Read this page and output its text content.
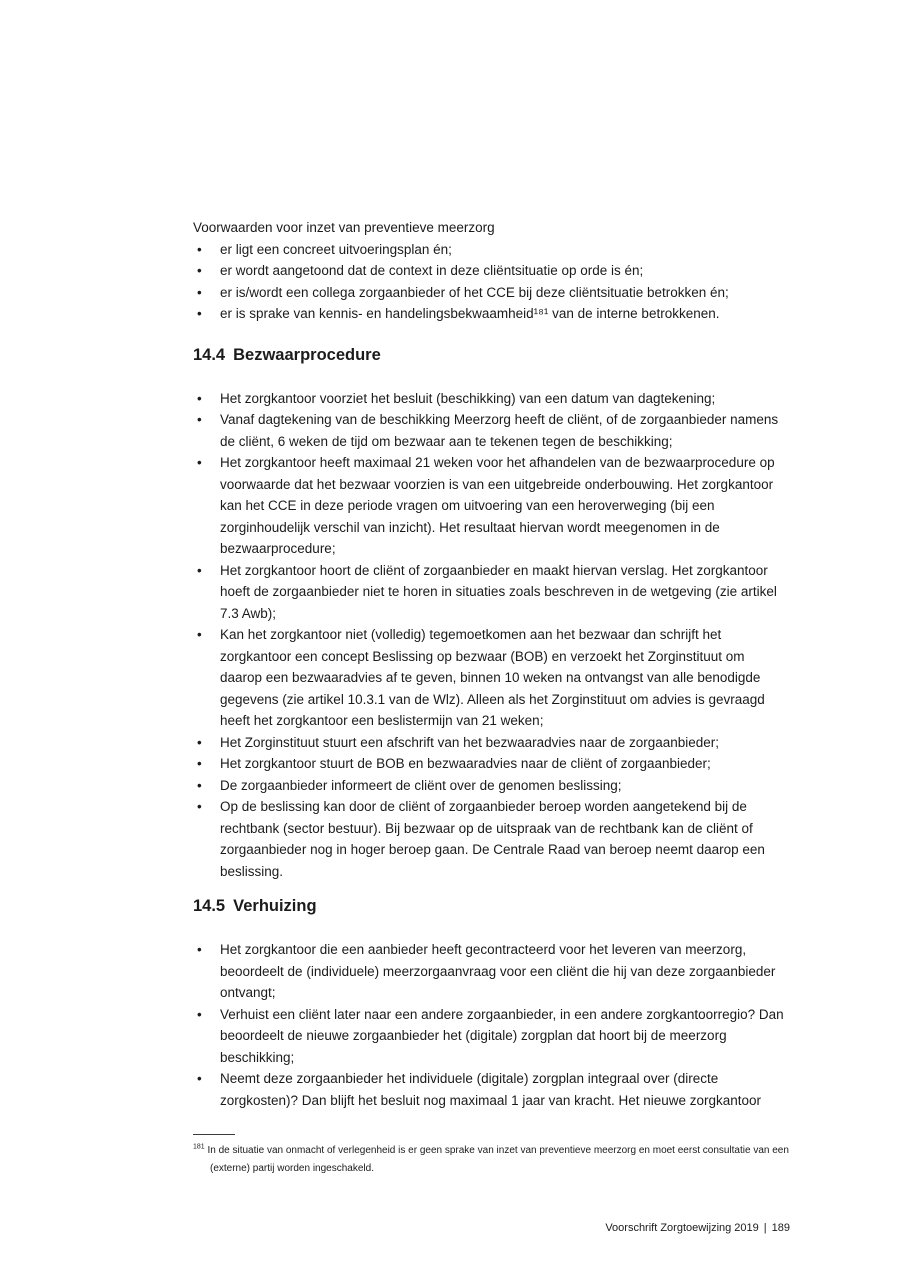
Voorwaarden voor inzet van preventieve meerzorg

• er ligt een concreet uitvoeringsplan én;
• er wordt aangetoond dat de context in deze cliëntsituatie op orde is én;
• er is/wordt een collega zorgaanbieder of het CCE bij deze cliëntsituatie betrokken én;
• er is sprake van kennis- en handelingsbekwaamheid¹⁸¹ van de interne betrokkenen.
14.4 Bezwaarprocedure
• Het zorgkantoor voorziet het besluit (beschikking) van een datum van dagtekening;
• Vanaf dagtekening van de beschikking Meerzorg heeft de cliënt, of de zorgaanbieder namens de cliënt, 6 weken de tijd om bezwaar aan te tekenen tegen de beschikking;
• Het zorgkantoor heeft maximaal 21 weken voor het afhandelen van de bezwaarprocedure op voorwaarde dat het bezwaar voorzien is van een uitgebreide onderbouwing. Het zorgkantoor kan het CCE in deze periode vragen om uitvoering van een heroverweging (bij een zorginhoudelijk verschil van inzicht). Het resultaat hiervan wordt meegenomen in de bezwaarprocedure;
• Het zorgkantoor hoort de cliënt of zorgaanbieder en maakt hiervan verslag. Het zorgkantoor hoeft de zorgaanbieder niet te horen in situaties zoals beschreven in de wetgeving (zie artikel 7.3 Awb);
• Kan het zorgkantoor niet (volledig) tegemoetkomen aan het bezwaar dan schrijft het zorgkantoor een concept Beslissing op bezwaar (BOB) en verzoekt het Zorginstituut om daarop een bezwaaradvies af te geven, binnen 10 weken na ontvangst van alle benodigde gegevens (zie artikel 10.3.1 van de Wlz). Alleen als het Zorginstituut om advies is gevraagd heeft het zorgkantoor een beslistermijn van 21 weken;
• Het Zorginstituut stuurt een afschrift van het bezwaaradvies naar de zorgaanbieder;
• Het zorgkantoor stuurt de BOB en bezwaaradvies naar de cliënt of zorgaanbieder;
• De zorgaanbieder informeert de cliënt over de genomen beslissing;
• Op de beslissing kan door de cliënt of zorgaanbieder beroep worden aangetekend bij de rechtbank (sector bestuur). Bij bezwaar op de uitspraak van de rechtbank kan de cliënt of zorgaanbieder nog in hoger beroep gaan. De Centrale Raad van beroep neemt daarop een beslissing.
14.5 Verhuizing
• Het zorgkantoor die een aanbieder heeft gecontracteerd voor het leveren van meerzorg, beoordeelt de (individuele) meerzorgaanvraag voor een cliënt die hij van deze zorgaanbieder ontvangt;
• Verhuist een cliënt later naar een andere zorgaanbieder, in een andere zorgkantoorregio? Dan beoordeelt de nieuwe zorgaanbieder het (digitale) zorgplan dat hoort bij de meerzorg beschikking;
• Neemt deze zorgaanbieder het individuele (digitale) zorgplan integraal over (directe zorgkosten)? Dan blijft het besluit nog maximaal 1 jaar van kracht. Het nieuwe zorgkantoor

$^{181}$ In de situatie van onmacht of verlegenheid is er geen sprake van inzet van preventieve meerzorg en moet eerst consultatie van een (externe) partij worden ingeschakeld.

Voorschrift Zorgtoewijzing 2019 | 189
